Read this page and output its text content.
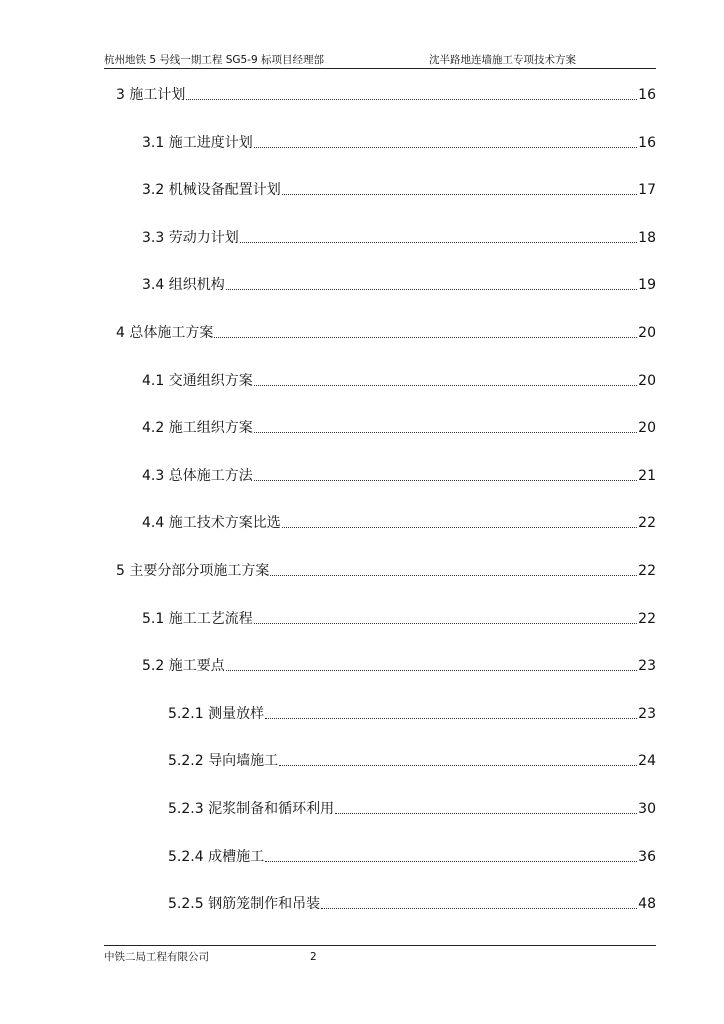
杭州地铁 5 号线一期工程 SG5-9 标项目经理部	沈半路地连墙施工专项技术方案
3 施工计划	16
3.1 施工进度计划	16
3.2 机械设备配置计划	17
3.3 劳动力计划	18
3.4 组织机构	19
4 总体施工方案	20
4.1 交通组织方案	20
4.2 施工组织方案	20
4.3 总体施工方法	21
4.4 施工技术方案比选	22
5 主要分部分项施工方案	22
5.1 施工工艺流程	22
5.2 施工要点	23
5.2.1 测量放样	23
5.2.2 导向墙施工	24
5.2.3 泥浆制备和循环利用	30
5.2.4 成槽施工	36
5.2.5 钢筋笼制作和吊装	48
中铁二局工程有限公司	2
